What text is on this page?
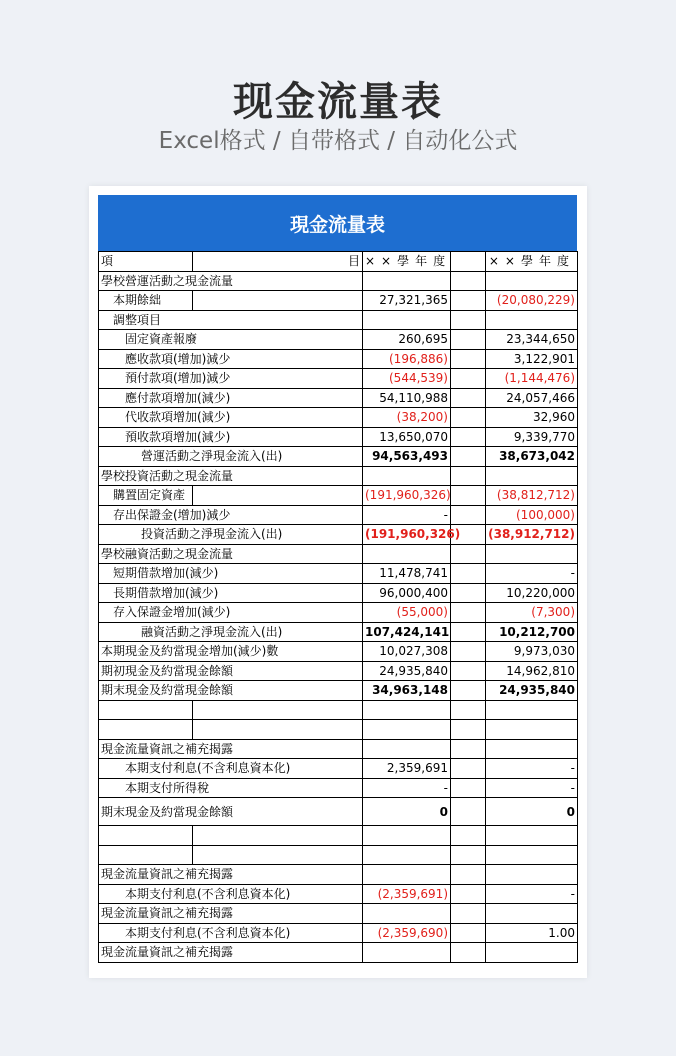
现金流量表
Excel格式 / 自带格式 / 自动化公式
現金流量表
項	目	××學年度		××學年度
學校營運活動之現金流量				
本期餘絀		27,321,365		(20,080,229)
調整項目				
固定資產報廢		260,695		23,344,650
應收款項(增加)減少		(196,886)		3,122,901
預付款項(增加)減少		(544,539)		(1,144,476)
應付款項增加(減少)		54,110,988		24,057,466
代收款項增加(減少)		(38,200)		32,960
預收款項增加(減少)		13,650,070		9,339,770
營運活動之淨現金流入(出)		94,563,493		38,673,042
學校投資活動之現金流量				
購置固定資產		(191,960,326)		(38,812,712)
存出保證金(增加)減少		-		(100,000)
投資活動之淨現金流入(出)		(191,960,326)		(38,912,712)
學校融資活動之現金流量				
短期借款增加(減少)		11,478,741		-
長期借款增加(減少)		96,000,400		10,220,000
存入保證金增加(減少)		(55,000)		(7,300)
融資活動之淨現金流入(出)		107,424,141		10,212,700
本期現金及約當現金增加(減少)數		10,027,308		9,973,030
期初現金及約當現金餘額		24,935,840		14,962,810
期末現金及約當現金餘額		34,963,148		24,935,840

現金流量資訊之補充揭露				
本期支付利息(不含利息資本化)		2,359,691		-
本期支付所得稅		-		-
期末現金及約當現金餘額		0		0

現金流量資訊之補充揭露				
本期支付利息(不含利息資本化)		(2,359,691)		-
現金流量資訊之補充揭露				
本期支付利息(不含利息資本化)		(2,359,690)		1.00
現金流量資訊之補充揭露				
